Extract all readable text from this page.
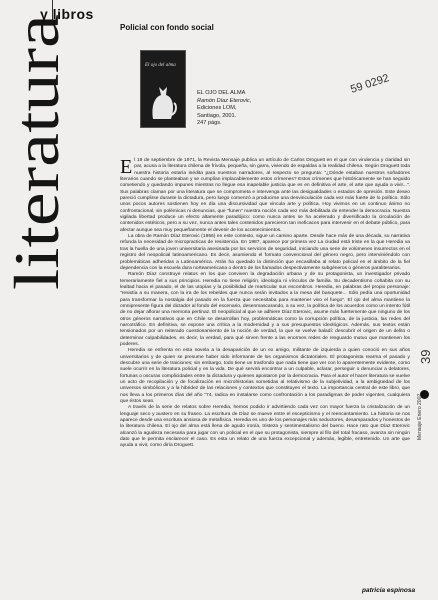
literatura
y libros
Policial con fondo social
El ojo del alma
EL OJO DEL ALMA
Ramón Díaz Eterovic,
Ediciones LOM,
Santiago, 2001.
247 págs.
59 0292
39
Mensaje Enero 2002

El 19 de septiembre de 1971, la Revista Mensaje publica un artículo de Carlos Droguett en el que con virulencia y claridad sin par, acusa a la literatura chilena de frívola, pequeña, sin garra, viviendo de espaldas a la realidad chilena. Según Droguett toda nuestra historia estaría inédita para nuestros narradores, al respecto se pregunta: "¿Dónde estaban nuestros soñadores literarios cuando se planteaban y se cumplían implacablemente estos crímenes? Estos crímenes que históricamente se han seguido cometiendo y quedando impunes mientras no llegue esa inapelable justicia que es en definitiva el arte, el arte que ayuda a vivir...". Sus palabras claman por una literatura que se comprometa e intervenga ante las desigualdades o estados de opresión. Este deseo pareció cumplirse durante la dictadura, pero luego comenzó a producirse una desvinculación cada vez más fuerte de lo político. Sólo unos pocos autores sostienen hoy en día una discursividad que vincula arte y política. Hoy vivimos en un continuo ánimo no confrontacional, sin polémicas ni denuncias, que "funen" nuestra noción cada vez más debilitada de entender la democracia. Nuestra vigilada libertad produce un efecto altamente paradójico: como nunca antes se ha acelerado y diversificado la circulación de contenidos estéticos, pero a su vez, nunca antes tales contenidos parecieron tan ineficaces para intervenir en el debate público, para afectar aunque sea muy pequeñamente el devenir de los acontecimientos.

La obra de Ramón Díaz Eterovic (1956) en este contexto, sigue un camino aparte. Desde hace más de una década, su narrativa refunda la necesidad de micropracticas de resistencia. En 1987, aparece por primera vez La ciudad está triste en la que Heredia va tras la huella de una joven universitaria asesinada por los servicios de seguridad, iniciando una serie de volúmenes insurrectos en el registro del neopolicial latinoamericano. Es decir, asumiendo el formato convencional del género negro, pero interviniéndolo con problemáticas adheridas a Latinoamérica. Atrás ha quedado la distinción que encasillaba al relato policial en el ámbito de la fiel dependencia con la escuela dura norteamericana o dentro de los llamados despectivamente subgéneros o géneros paraliterarios.

Ramón Díaz construye relatos en los que conviven la degradación urbana y de su protagonista, un investigador privado temerariamente fiel a sus principios. Heredia no tiene religión, ideología ni vínculos de familia. Su decadentismo cohabita con su lealtad hacia el pasado, el de las utopías y la posibilidad de rearticular sus escombros. Heredia, en palabras del propio personaje: "resistía a su manera, con la ira de los rebeldes que nunca serán invitados a la mesa del banquete... Sólo pedía una oportunidad para transformar la nostalgia del pasado en la fuerza que necesitaba para mantener vivo el fuego". El ojo del alma mantiene la omnipresente figura del dictador al fondo del escenario, desenmascarando, a su vez, la política de los acuerdos como un intento fútil de no dejar aflorar una memoria pertinaz. El neopolicial al que se adhiere Díaz Eterovic, asume más fuertemente que ninguno de los otros géneros narrativos que en Chile se desarrollan hoy, problemáticas como la corrupción política, de la justicia, las redes del narcotráfico. En definitiva, se expone una crítica a la modernidad y a sus presupuestos ideológicos. Además, sus textos están tensionados por un reiterado cuestionamiento de la noción de verdad, la que se vuelve baladí: descubrir el origen de un delito o determinar culpabilidades, es decir, la verdad, para qué sirven frente a las enormes redes de resguardo mutuo que mantienen los poderes.

Heredia se enfrenta en esta novela a la desaparición de un ex amigo, militante de izquierda a quien conoció en sus años universitarios y de quien se presume haber sido informante de los organismos dictatoriales. El protagonista rearma el pasado y descubre una serie de traiciones; sin embargo, todo tiene un trasfondo que nada tiene que ver con lo aparentemente evidente, como suele ocurrir en la literatura policial y en la vida. De qué servirá encontrar a un culpable, aclarar, perseguir o denunciar a delatores, fortunas o oscuras complicidades entre la dictadura y quienes apostaron por la democracia. Para el autor el hacer literatura se vuelve un acto de recopilación y de focalización en microhistorias sometidas al relativismo de la subjetividad, a la ambigüedad de los universos simbólicos y a la hibridez de las relaciones y contextos que constituyen el texto. La importancia central de este libro, que nos lleva a los primeros días del año "74, radica en instalarse como confrontación a los paradigmas de poder vigentes, cualquiera que éstos sean.

A través de la serie de relatos sobre Heredia, hemos podido ir advirtiendo cada vez con mayor fuerza la cristalización de un lenguaje seco y austero en su fraseo. La escritura de Díaz se mueve entre el escepticismo y el reencantamiento. La historia se nos aparece desde una escritura ansiosa de metafísica. Heredia es uno de los personajes más seductores, desamparados y honestos de la literatura chilena. El ojo del alma está llena de agudo ironía, tristeza y sentimentalismo del bueno. Hace rato que Díaz Eterovic alcanzó la agudeza necesaria para jugar con un policial en el que su protagonista, siempre al filo del total fracaso, avanza sin ningún dato que le permita esclarecer el caso. Es esta un relato de una fuerza excepcional y además, legible, entretenido. Un arte que ayuda a vivir, como diría Droguett.

patricia espinosa
